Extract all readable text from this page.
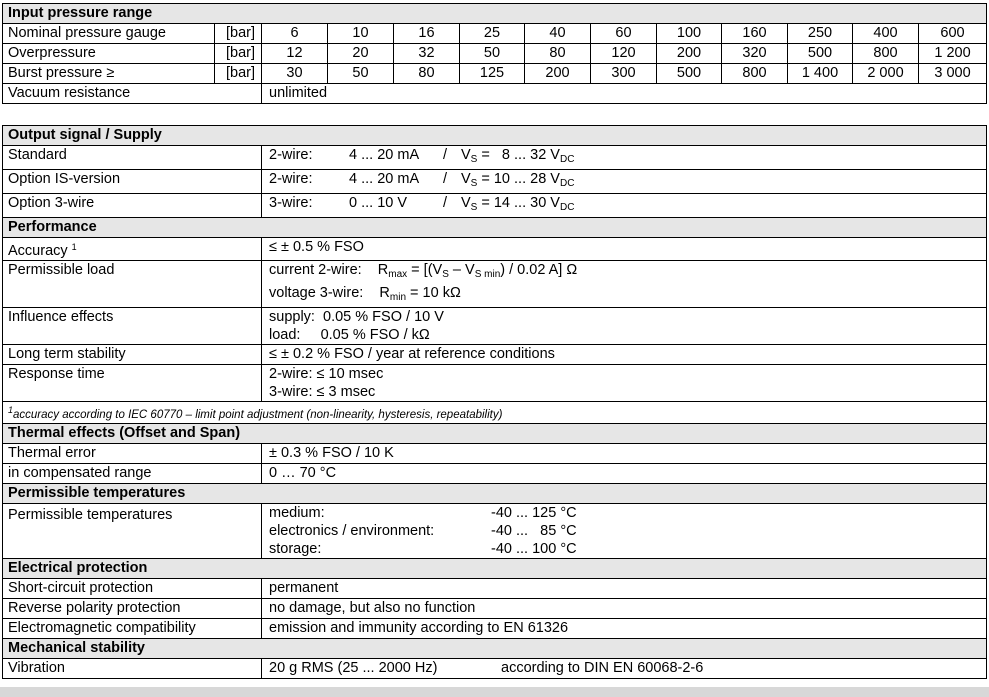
Input pressure range												
Nominal pressure gauge	[bar]	6	10	16	25	40	60	100	160	250	400	600
Overpressure	[bar]	12	20	32	50	80	120	200	320	500	800	1 200
Burst pressure ≥	[bar]	30	50	80	125	200	300	500	800	1 400	2 000	3 000
Vacuum resistance		unlimited										
Output signal / Supply	
Standard	2-wire: 4 ... 20 mA / $V_S = 8$ ... 32 $V_{DC}$
Option IS-version	2-wire: 4 ... 20 mA / $V_S = 10$ ... 28 $V_{DC}$
Option 3-wire	3-wire: 0 ... 10 $V / V_S = 14$ ... 30 $V_{DC}$
Performance	
Accuracy $^1$	≤ ± 0.5 % FSO
Permissible load	current 2-wire:    $R_{max} = [(V_S - V_{S min}) / 0.02$ A] Ω
voltage 3-wire:    $R_{min} = 10$ kΩ

Influence effects	supply:  0.05 % FSO / 10 V
load:     0.05 % FSO / kΩ

Long term stability	≤ ± 0.2 % FSO / year at reference conditions
Response time	2-wire: ≤ 10 msec
3-wire: ≤ 3 msec

$^1$accuracy according to IEC 60770 – limit point adjustment (non-linearity, hysteresis, repeatability)	
Thermal effects (Offset and Span)	
Thermal error	± 0.3 % FSO / 10 K
in compensated range	0 … 70 °C
Permissible temperatures	
Permissible temperatures	medium: -40 ... 125 °C
electronics / environment: -40 ...   85 °C
storage: -40 ... 100 °C

Electrical protection	
Short-circuit protection	permanent
Reverse polarity protection	no damage, but also no function
Electromagnetic compatibility	emission and immunity according to EN 61326
Mechanical stability	
Vibration	20 g RMS (25 ... 2000 Hz) according to DIN EN 60068-2-6
